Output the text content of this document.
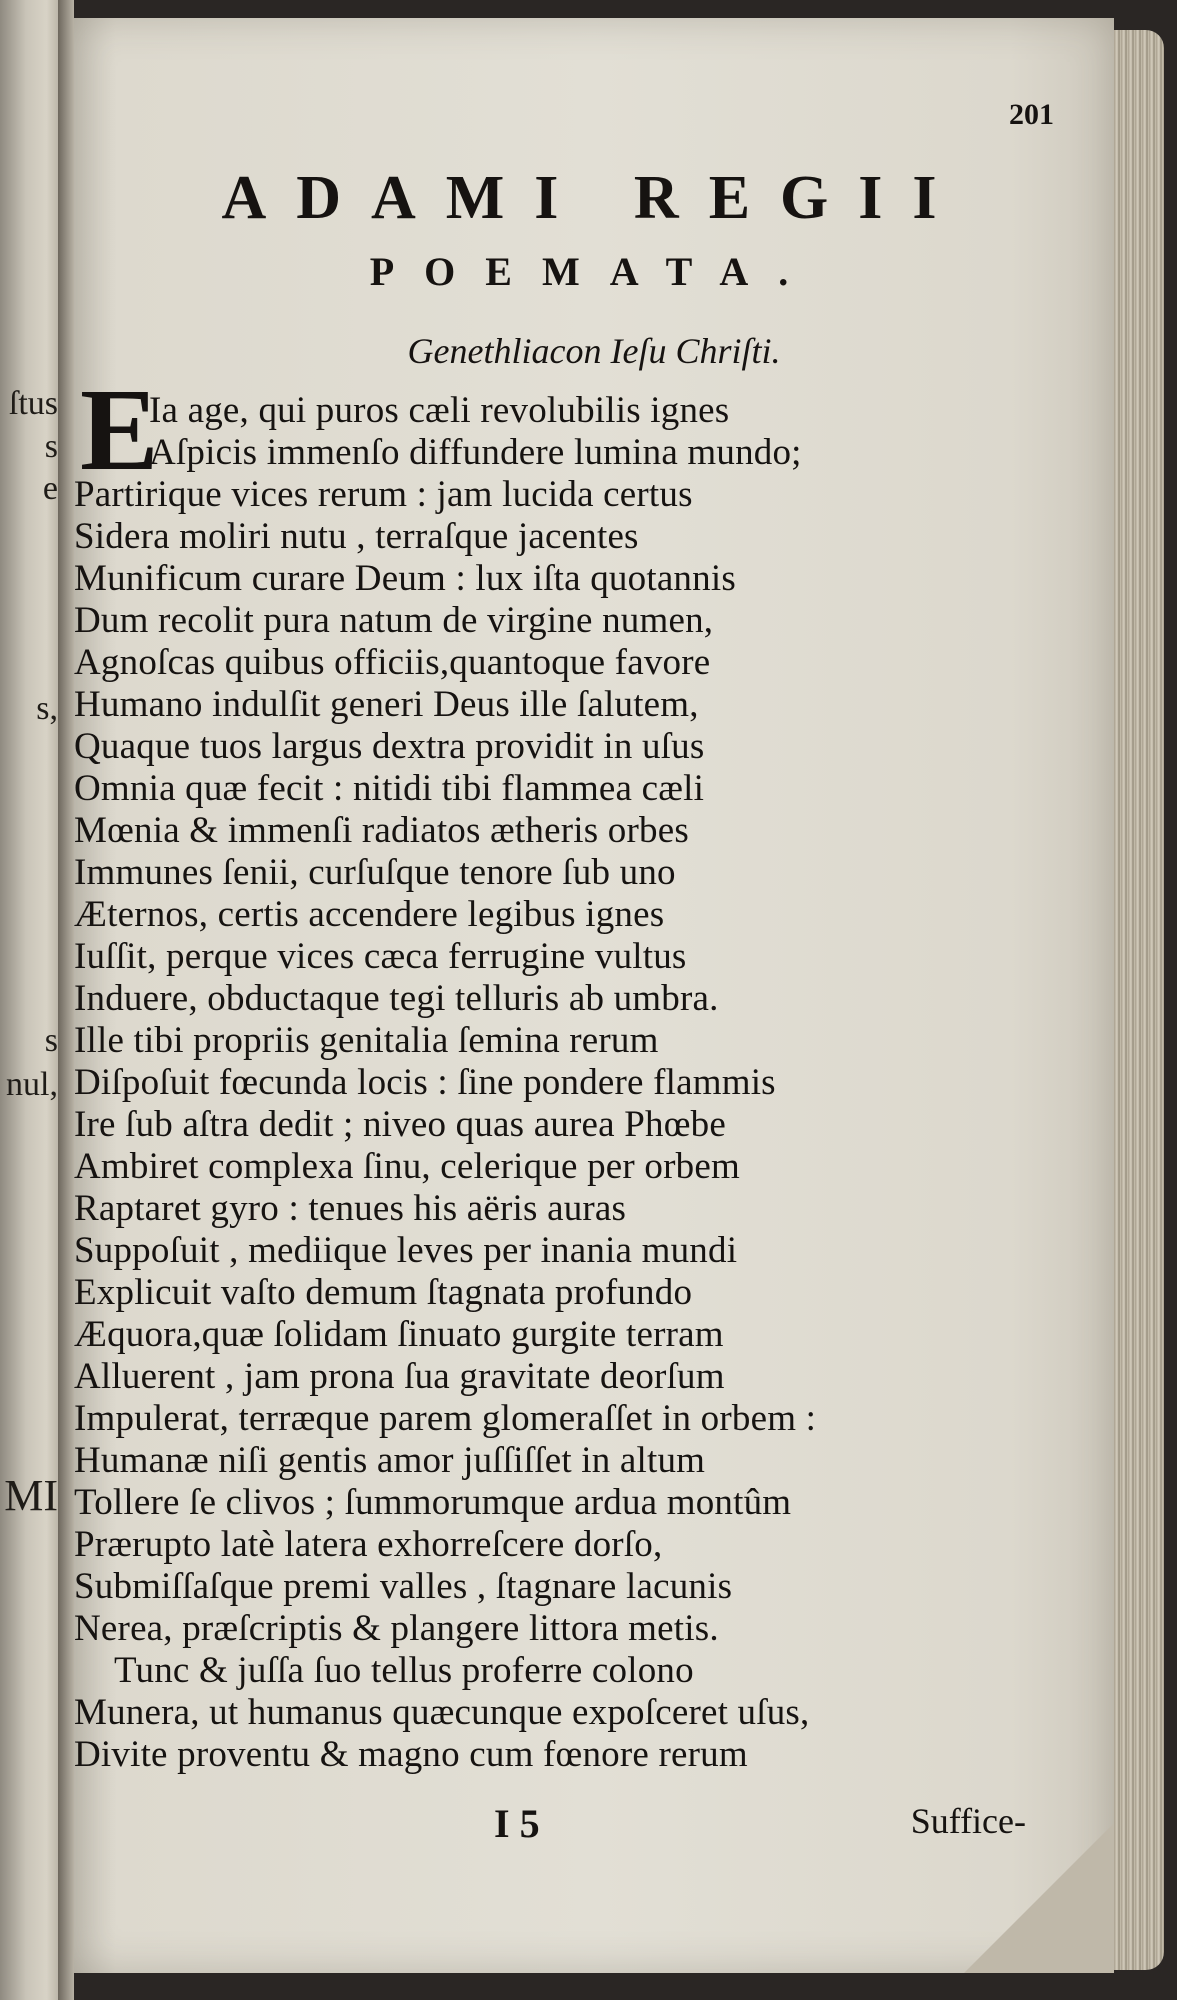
ſtus
s
e
s,
s
nul,
MI
201
ADAMI REGII
POEMATA.
Genethliacon Ieſu Chriſti.
E
Ia age, qui puros cæli revolubilis ignes
Aſpicis immenſo diffundere lumina mundo;
Partirique vices rerum : jam lucida certus
Sidera moliri nutu , terraſque jacentes
Munificum curare Deum : lux iſta quotannis
Dum recolit pura natum de virgine numen,
Agnoſcas quibus officiis,quantoque favore
Humano indulſit generi Deus ille ſalutem,
Quaque tuos largus dextra providit in uſus
Omnia quæ fecit : nitidi tibi flammea cæli
Mœnia & immenſi radiatos ætheris orbes
Immunes ſenii, curſuſque tenore ſub uno
Æternos, certis accendere legibus ignes
Iuſſit, perque vices cæca ferrugine vultus
Induere, obductaque tegi telluris ab umbra.
Ille tibi propriis genitalia ſemina rerum
Diſpoſuit fœcunda locis : ſine pondere flammis
Ire ſub aſtra dedit ; niveo quas aurea Phœbe
Ambiret complexa ſinu, celerique per orbem
Raptaret gyro : tenues his aëris auras
Suppoſuit , mediique leves per inania mundi
Explicuit vaſto demum ſtagnata profundo
Æquora,quæ ſolidam ſinuato gurgite terram
Alluerent , jam prona ſua gravitate deorſum
Impulerat, terræque parem glomeraſſet in orbem :
Humanæ niſi gentis amor juſſiſſet in altum
Tollere ſe clivos ; ſummorumque ardua montûm
Prærupto latè latera exhorreſcere dorſo,
Submiſſaſque premi valles , ſtagnare lacunis
Nerea, præſcriptis & plangere littora metis.
Tunc & juſſa ſuo tellus proferre colono
Munera, ut humanus quæcunque expoſceret uſus,
Divite proventu & magno cum fœnore rerum
I 5	Suffice-
